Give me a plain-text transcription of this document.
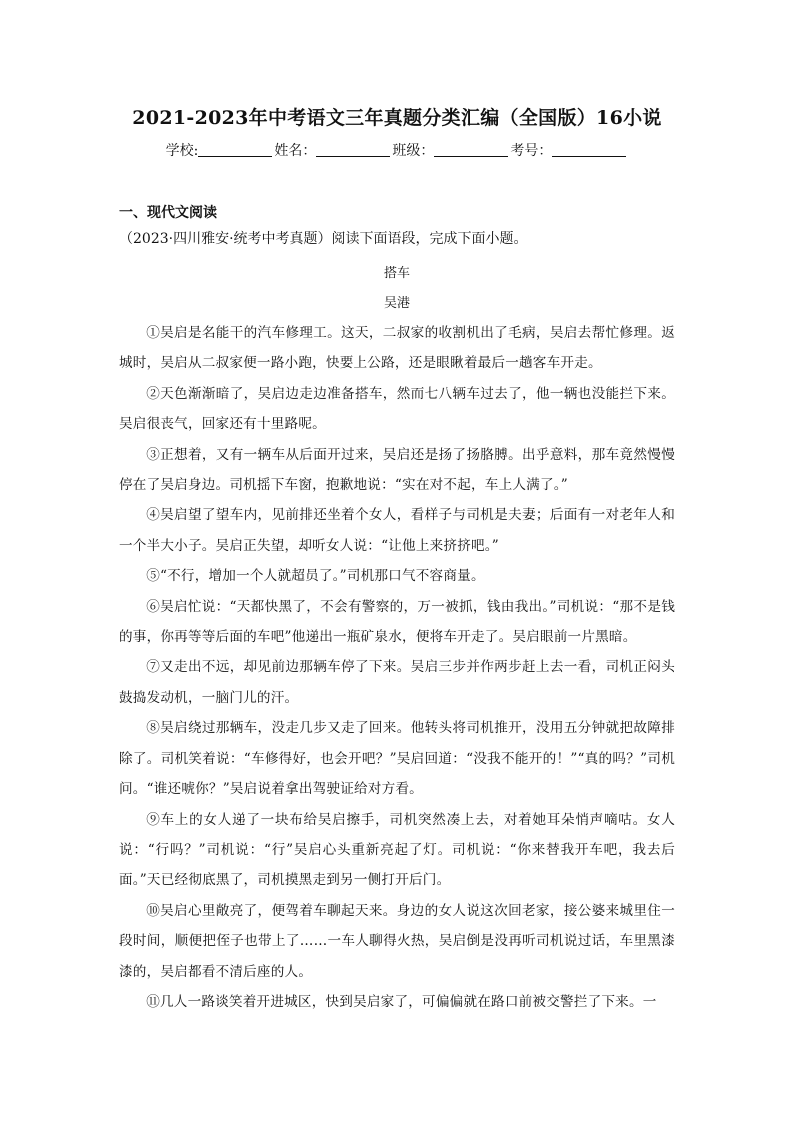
2021-2023年中考语文三年真题分类汇编（全国版）16小说
学校:	姓名：	班级：	考号：
一、现代文阅读
（2023·四川雅安·统考中考真题）阅读下面语段，完成下面小题。
搭车
吴港

①吴启是名能干的汽车修理工。这天，二叔家的收割机出了毛病，吴启去帮忙修理。返城时，吴启从二叔家便一路小跑，快要上公路，还是眼瞅着最后一趟客车开走。

②天色渐渐暗了，吴启边走边准备搭车，然而七八辆车过去了，他一辆也没能拦下来。吴启很丧气，回家还有十里路呢。

③正想着，又有一辆车从后面开过来，吴启还是扬了扬胳膊。出乎意料，那车竟然慢慢停在了吴启身边。司机摇下车窗，抱歉地说：“实在对不起，车上人满了。”

④吴启望了望车内，见前排还坐着个女人，看样子与司机是夫妻；后面有一对老年人和一个半大小子。吴启正失望，却听女人说：“让他上来挤挤吧。”

⑤“不行，增加一个人就超员了。”司机那口气不容商量。

⑥吴启忙说：“天都快黑了，不会有警察的，万一被抓，钱由我出。”司机说：“那不是钱的事，你再等等后面的车吧”他递出一瓶矿泉水，便将车开走了。吴启眼前一片黑暗。

⑦又走出不远，却见前边那辆车停了下来。吴启三步并作两步赶上去一看，司机正闷头鼓捣发动机，一脑门儿的汗。

⑧吴启绕过那辆车，没走几步又走了回来。他转头将司机推开，没用五分钟就把故障排除了。司机笑着说：“车修得好，也会开吧？”吴启回道：“没我不能开的！”“真的吗？”司机问。“谁还唬你？”吴启说着拿出驾驶证给对方看。

⑨车上的女人递了一块布给吴启擦手，司机突然凑上去，对着她耳朵悄声嘀咕。女人说：“行吗？”司机说：“行”吴启心头重新亮起了灯。司机说：“你来替我开车吧，我去后面。”天已经彻底黑了，司机摸黑走到另一侧打开后门。

⑩吴启心里敞亮了，便驾着车聊起天来。身边的女人说这次回老家，接公婆来城里住一段时间，顺便把侄子也带上了……一车人聊得火热，吴启倒是没再听司机说过话，车里黑漆漆的，吴启都看不清后座的人。

⑪几人一路谈笑着开进城区，快到吴启家了，可偏偏就在路口前被交警拦了下来。一
